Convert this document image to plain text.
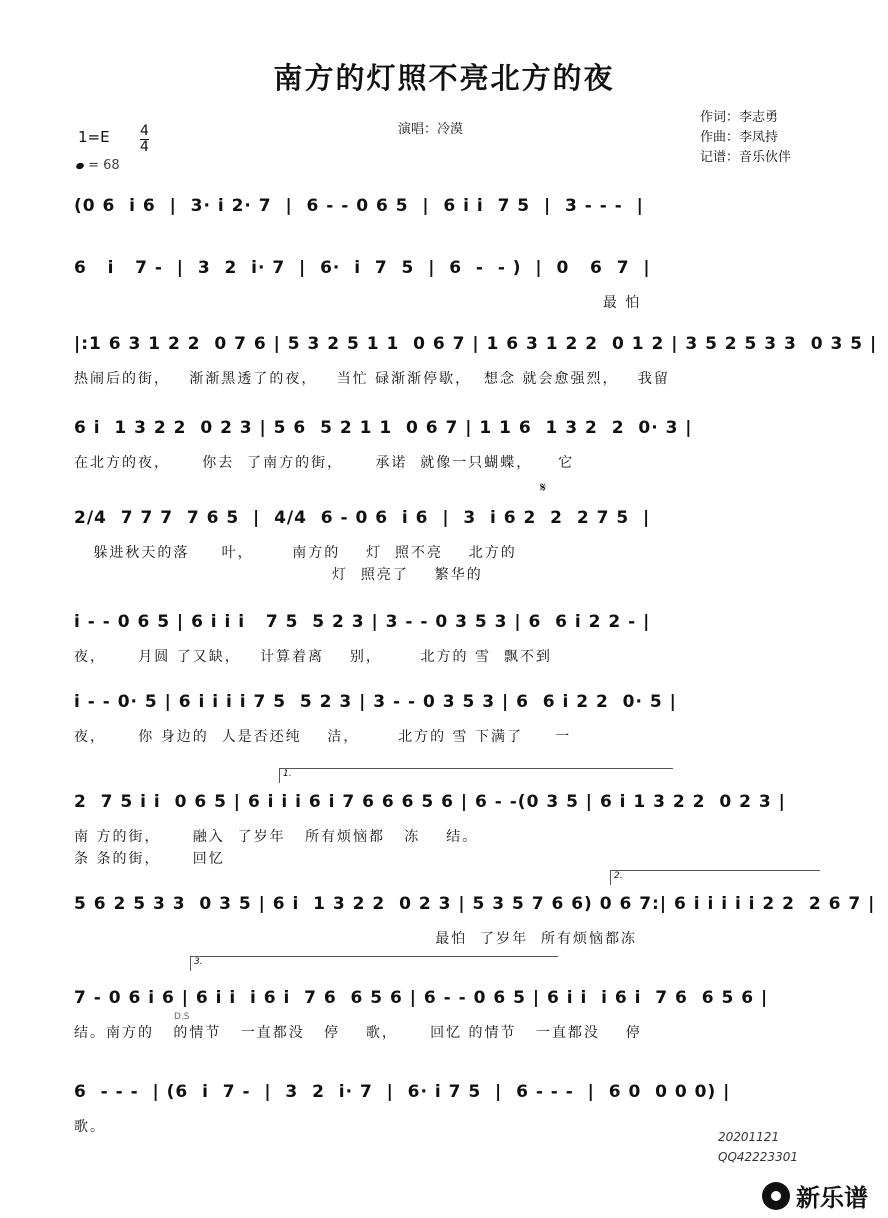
南方的灯照不亮北方的夜
演唱：冷漠
作词：李志勇
作曲：李凤持
记谱：音乐伙伴
1=E 4
4
= 68
(0 6  i 6  |  3· i 2· 7  |  6 - - 0 6 5  |  6 i i  7 5  |  3 - - -  |
6   i   7 -  |  3  2  i· 7  |  6·  i  7  5  |  6  -  - )  |  0   6  7  |
最 怕
|:1 6 3 1 2 2  0 7 6 | 5 3 2 5 1 1  0 6 7 | 1 6 3 1 2 2  0 1 2 | 3 5 2 5 3 3  0 3 5 |
热闹后的街，   渐渐黑透了的夜，   当忙 碌渐渐停歇，  想念 就会愈强烈，   我留
6 i  1 3 2 2  0 2 3 | 5 6  5 2 1 1  0 6 7 | 1 1 6  1 3 2  2  0· 3 |
在北方的夜，     你去  了南方的街，     承诺  就像一只蝴蝶，    它
𝄋
2/4  7 7 7  7 6 5  |  4/4  6 - 0 6  i 6  |  3  i 6 2  2  2 7 5  |
躲进秋天的落     叶，      南方的    灯  照不亮    北方的
灯  照亮了    繁华的
i - - 0 6 5 | 6 i i i   7 5  5 2 3 | 3 - - 0 3 5 3 | 6  6 i 2 2 - |
夜，     月圆 了又缺，   计算着离    别，      北方的 雪  飘不到
i - - 0· 5 | 6 i i i i 7 5  5 2 3 | 3 - - 0 3 5 3 | 6  6 i 2 2  0· 5 |
夜，     你 身边的  人是否还纯    洁，      北方的 雪 下满了     一
1.
2  7 5 i i  0 6 5 | 6 i i i 6 i 7 6 6 6 5 6 | 6 - -(0 3 5 | 6 i 1 3 2 2  0 2 3 |
南 方的街，     融入  了岁年   所有烦恼都   冻    结。
条 条的街，     回忆
2.
5 6 2 5 3 3  0 3 5 | 6 i  1 3 2 2  0 2 3 | 5 3 5 7 6 6) 0 6 7:| 6 i i i i i 2 2  2 6 7 |
最怕  了岁年  所有烦恼都冻
3.
D.S
7 - 0 6 i 6 | 6 i i  i 6 i  7 6  6 5 6 | 6 - - 0 6 5 | 6 i i  i 6 i  7 6  6 5 6 |
结。南方的   的情节   一直都没   停    歌，     回忆 的情节   一直都没    停
6  - - -  | (6  i  7 -  |  3  2  i· 7  |  6· i 7 5  |  6 - - -  |  6 0  0 0 0) |
歌。
20201121
QQ42223301
新乐谱
